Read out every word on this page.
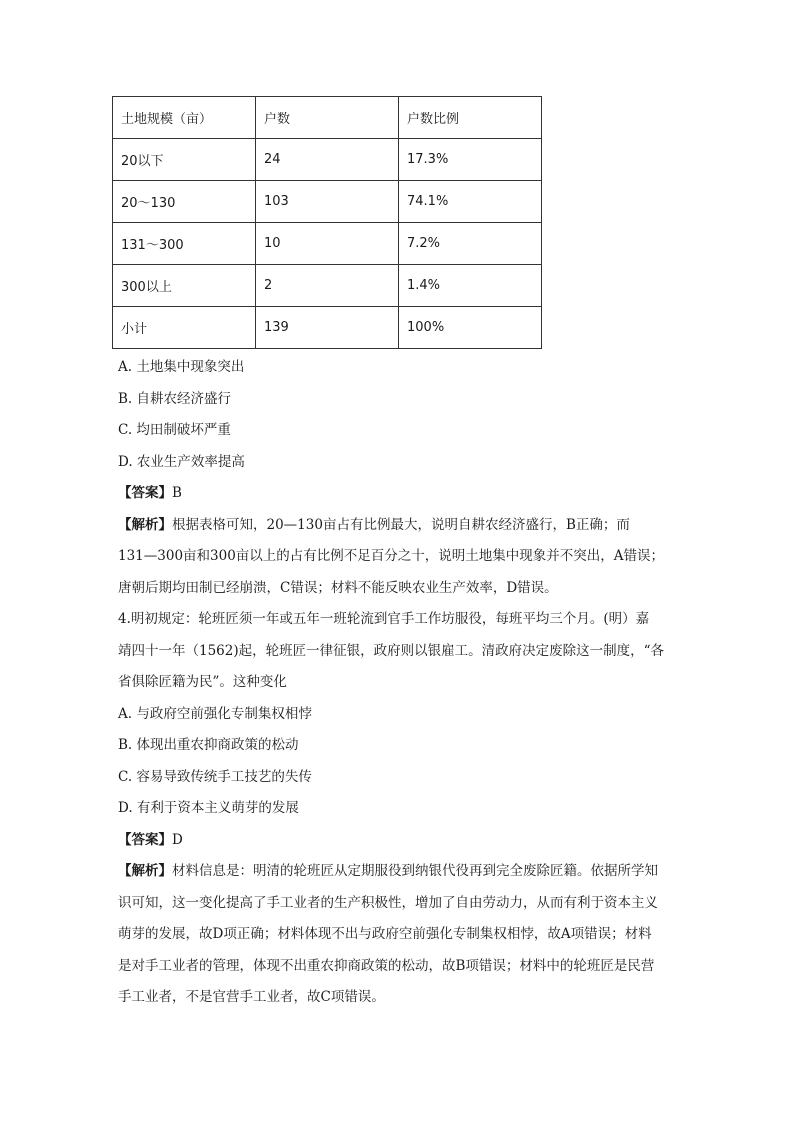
土地规模（亩）	户数	户数比例
20以下	24	17.3%
20～130	103	74.1%
131～300	10	7.2%
300以上	2	1.4%
小计	139	100%
A. 土地集中现象突出
B. 自耕农经济盛行
C. 均田制破坏严重
D. 农业生产效率提高
【答案】B
【解析】根据表格可知，20—130亩占有比例最大，说明自耕农经济盛行，B正确；而
131—300亩和300亩以上的占有比例不足百分之十，说明土地集中现象并不突出，A错误；
唐朝后期均田制已经崩溃，C错误；材料不能反映农业生产效率，D错误。
4.明初规定：轮班匠须一年或五年一班轮流到官手工作坊服役，每班平均三个月。(明）嘉
靖四十一年（1562)起，轮班匠一律征银，政府则以银雇工。清政府决定废除这一制度，“各
省俱除匠籍为民”。这种变化
A. 与政府空前强化专制集权相悖
B. 体现出重农抑商政策的松动
C. 容易导致传统手工技艺的失传
D. 有利于资本主义萌芽的发展
【答案】D
【解析】材料信息是：明清的轮班匠从定期服役到纳银代役再到完全废除匠籍。依据所学知
识可知，这一变化提高了手工业者的生产积极性，增加了自由劳动力，从而有利于资本主义
萌芽的发展，故D项正确；材料体现不出与政府空前强化专制集权相悖，故A项错误；材料
是对手工业者的管理，体现不出重农抑商政策的松动，故B项错误；材料中的轮班匠是民营
手工业者，不是官营手工业者，故C项错误。
